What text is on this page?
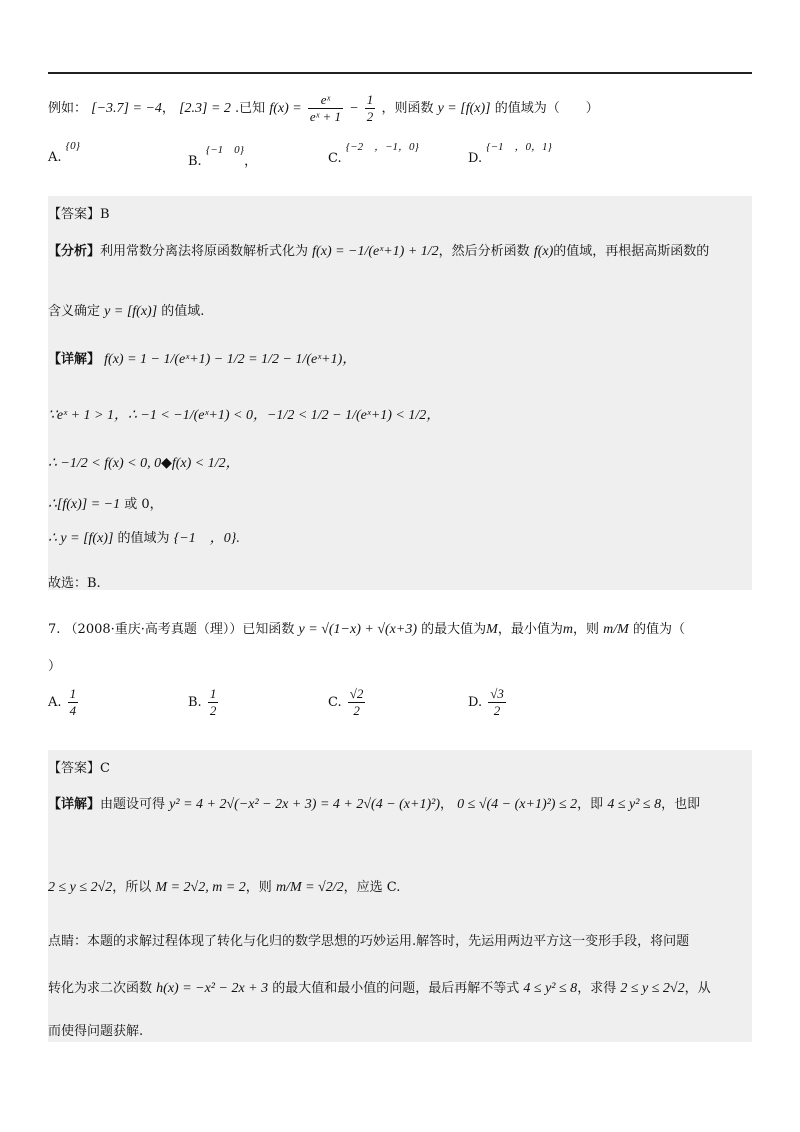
例如： [−3.7] = −4， [2.3] = 2 .已知 $f(x) = \frac{\text{eˣ}}{\text{eˣ + 1}} - \frac{1}{2}$ ，则函数 y = [f(x)] 的值域为（　　）
A. $^{\{0\}}$
B. $^{\{-1 0\}}$，	C. $^{\{-2 ,-1,0\}}$
D. $^{\{-1 ,0,1\}}$
【答案】B
【分析】利用常数分离法将原函数解析式化为 f(x) = −1/(eˣ+1) + 1/2，然后分析函数 f(x)的值域，再根据高斯函数的
含义确定 y = [f(x)] 的值域.
【详解】 f(x) = 1 − 1/(eˣ+1) − 1/2 = 1/2 − 1/(eˣ+1)，
∵eˣ + 1 > 1，∴ −1 < −1/(eˣ+1) < 0，−1/2 < 1/2 − 1/(eˣ+1) < 1/2，
∴ −1/2 < f(x) < 0, 0◆f(x) < 1/2，
∴[f(x)] = −1 或 0，
∴ y = [f(x)] 的值域为 {−1　，0}.
故选：B.
7. （2008·重庆·高考真题（理））已知函数 y = √(1−x) + √(x+3) 的最大值为M，最小值为m，则 m/M 的值为（
）
A. $\frac{1}{4}$	B. $\frac{1}{2}$	C. $\frac{√2}{2}$	D. $\frac{√3}{2}$
【答案】C
【详解】由题设可得 y² = 4 + 2√(−x² − 2x + 3) = 4 + 2√(4 − (x+1)²)， 0 ≤ √(4 − (x+1)²) ≤ 2，即 4 ≤ y² ≤ 8，也即
2 ≤ y ≤ 2√2，所以 M = 2√2, m = 2，则 m/M = √2/2，应选 C.
点睛：本题的求解过程体现了转化与化归的数学思想的巧妙运用.解答时，先运用两边平方这一变形手段，将问题
转化为求二次函数 h(x) = −x² − 2x + 3 的最大值和最小值的问题，最后再解不等式 4 ≤ y² ≤ 8，求得 2 ≤ y ≤ 2√2，从
而使得问题获解.
